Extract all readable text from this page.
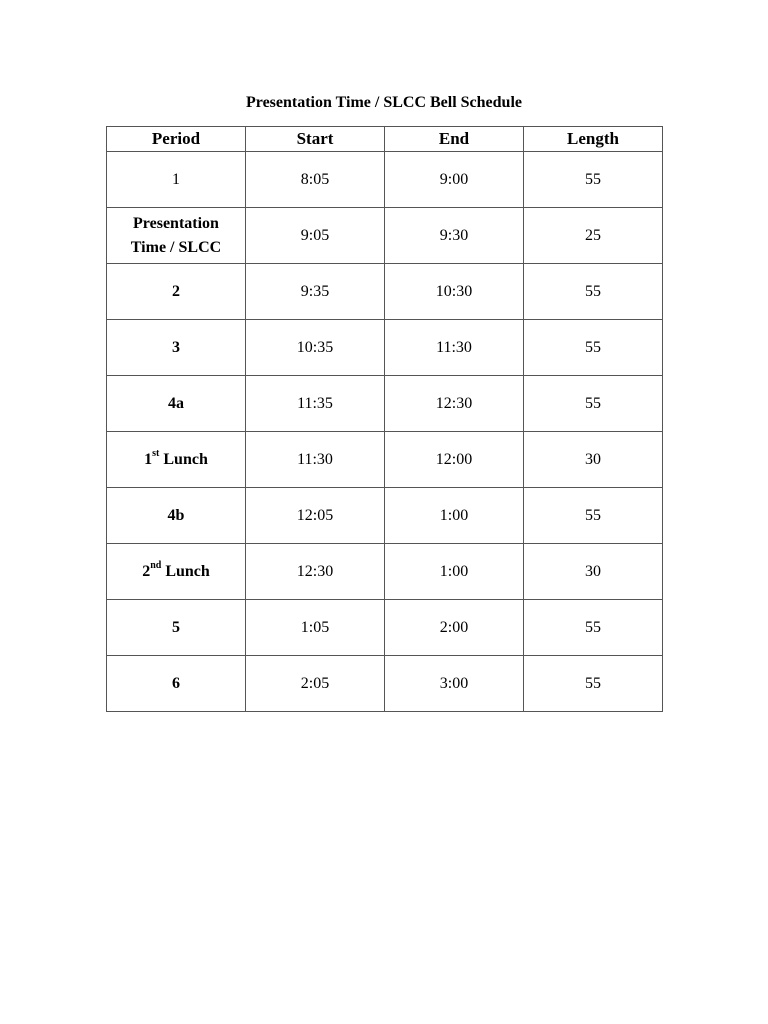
Presentation Time / SLCC Bell Schedule
Period	Start	End	Length
1	8:05	9:00	55
Presentation Time / SLCC	9:05	9:30	25
2	9:35	10:30	55
3	10:35	11:30	55
4a	11:35	12:30	55
1st Lunch	11:30	12:00	30
4b	12:05	1:00	55
2nd Lunch	12:30	1:00	30
5	1:05	2:00	55
6	2:05	3:00	55
